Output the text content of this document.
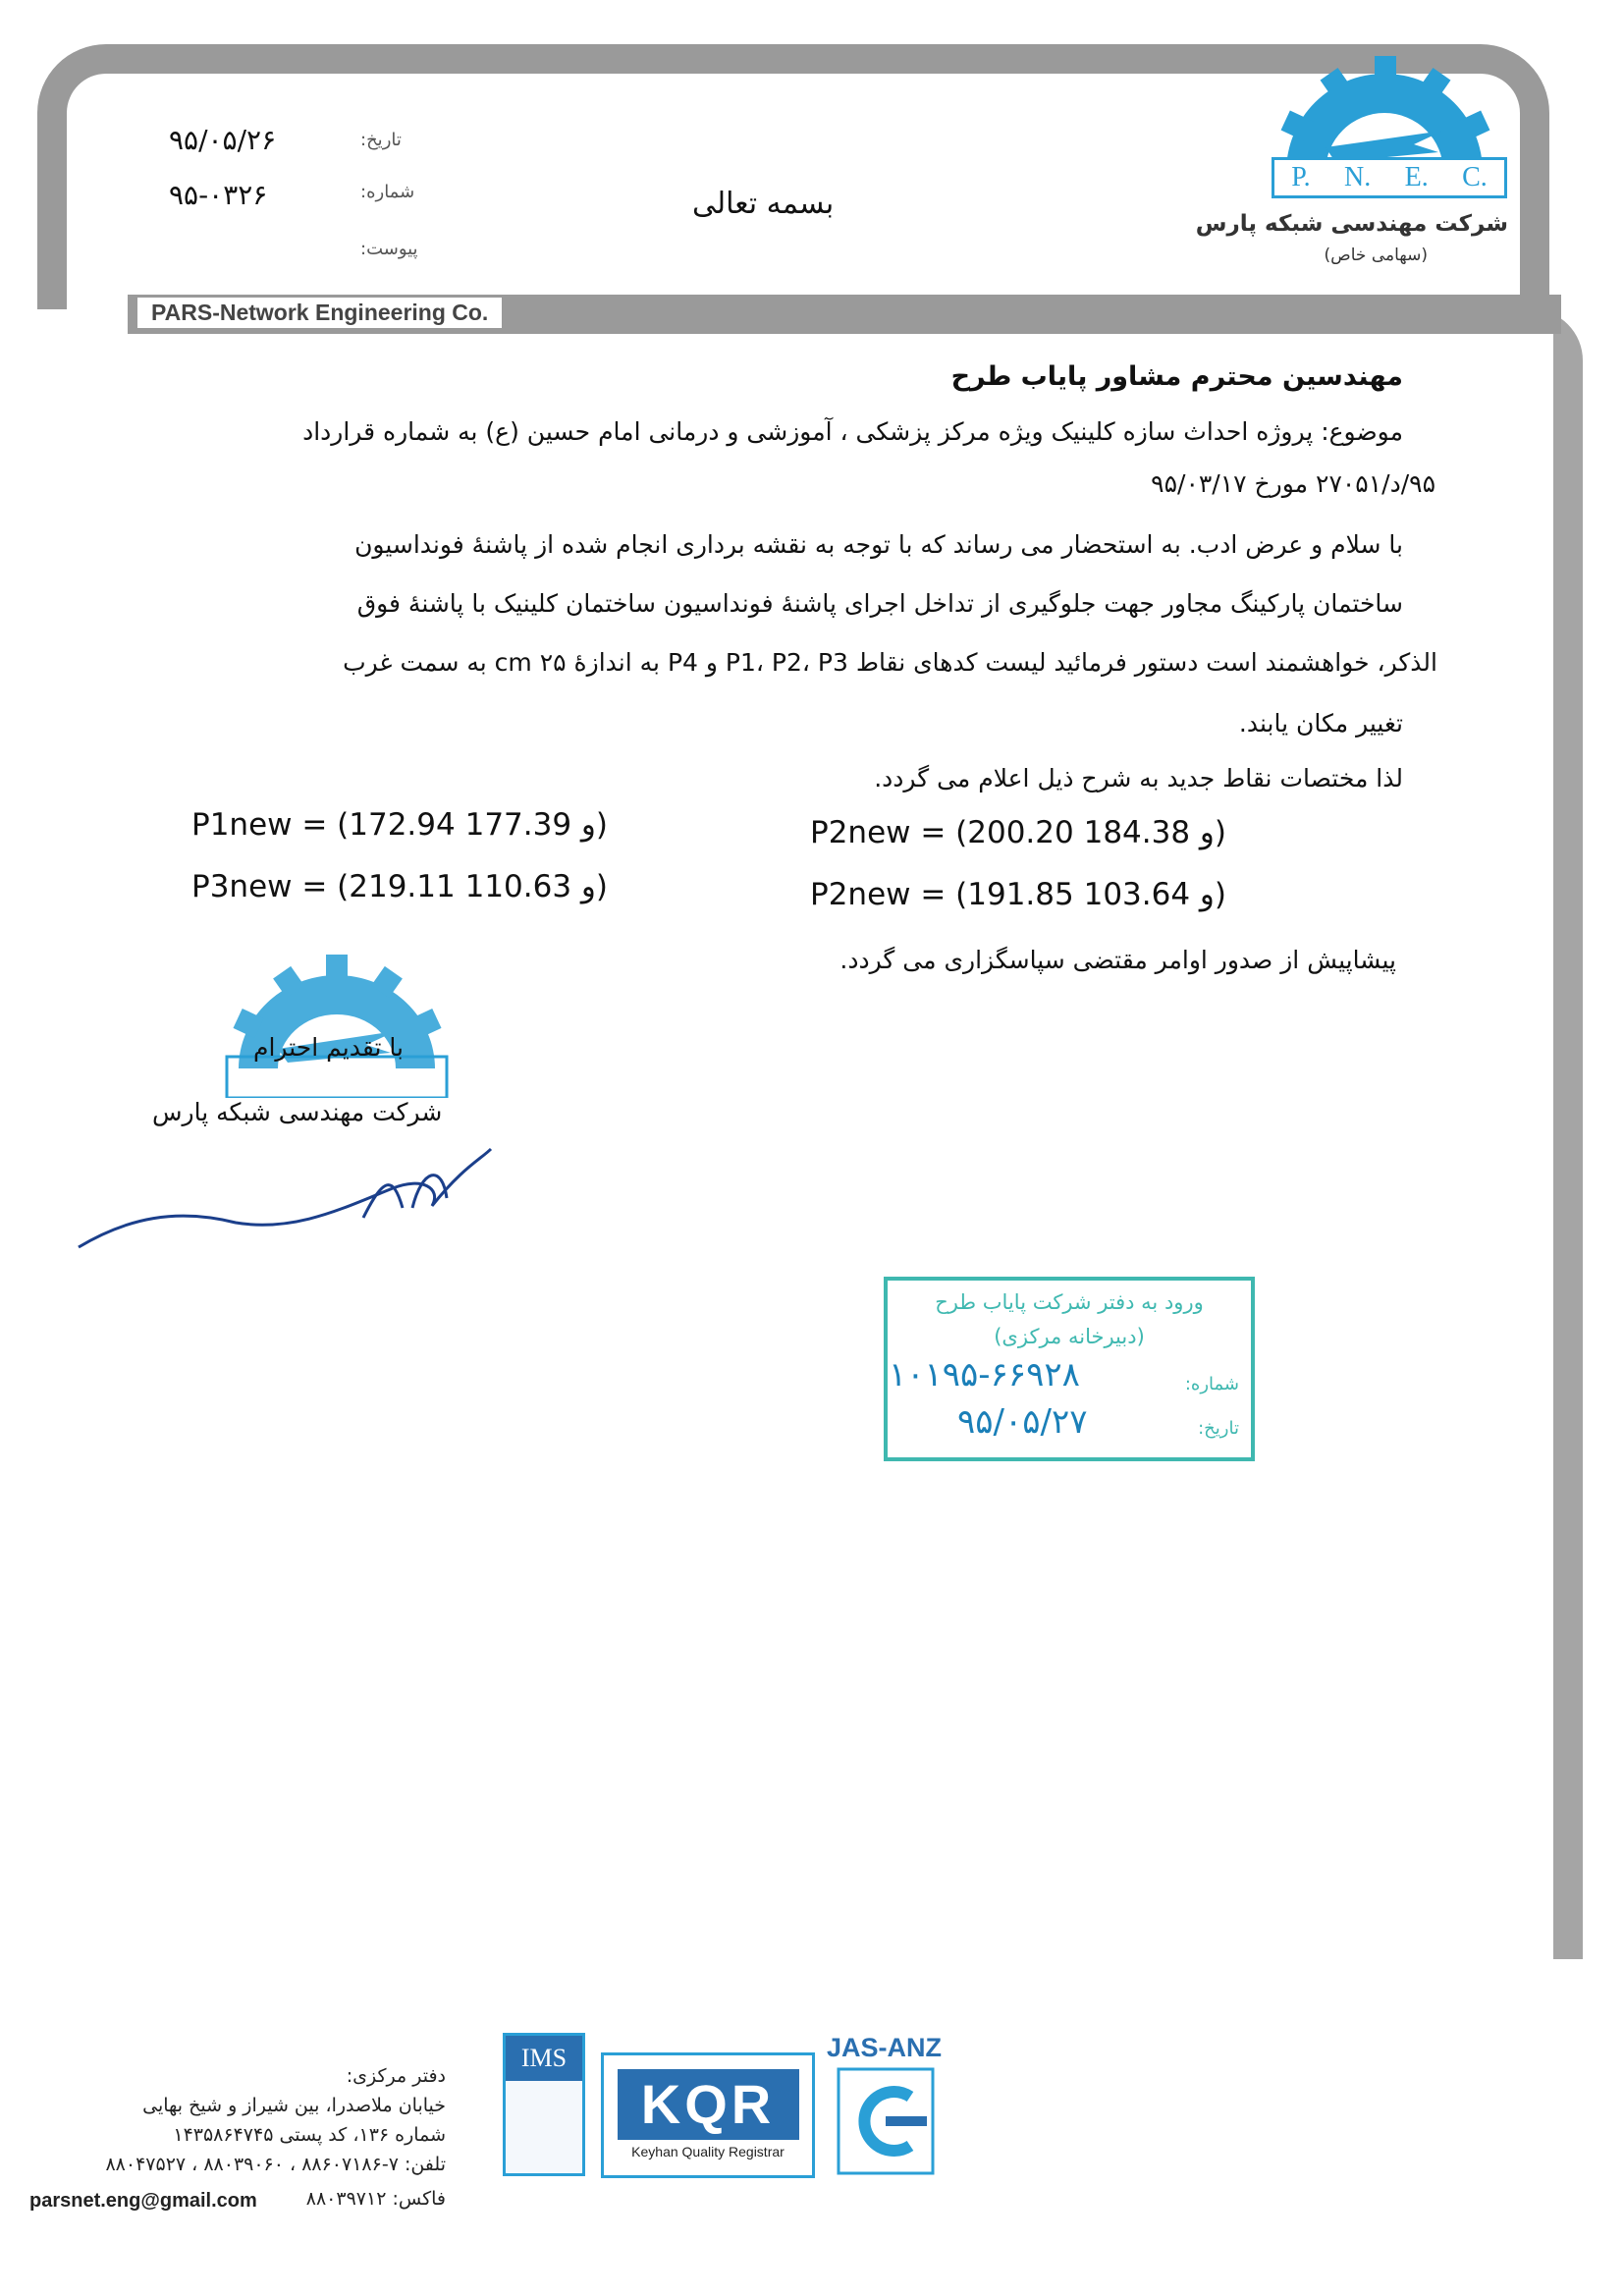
PARS-Network Engineering Co.
P. N. E. C.
شرکت مهندسی شبکه پارس
(سهامی خاص)
تاریخ:
۹۵/۰۵/۲۶
شماره:
۹۵-۰۳۲۶
پیوست:
بسمه تعالی
مهندسین محترم مشاور پایاب طرح
موضوع: پروژه احداث سازه کلینیک ویژه مرکز پزشکی ، آموزشی و درمانی امام حسین (ع) به شماره قرارداد
۹۵/د/۲۷۰۵۱ مورخ ۹۵/۰۳/۱۷
با سلام و عرض ادب. به استحضار می رساند که با توجه به نقشه برداری انجام شده از پاشنهٔ فونداسیون
ساختمان پارکینگ مجاور جهت جلوگیری از تداخل اجرای پاشنهٔ فونداسیون ساختمان کلینیک با پاشنهٔ فوق
الذکر، خواهشمند است دستور فرمائید لیست کدهای نقاط P1، P2، P3 و P4 به اندازهٔ ۲۵ cm به سمت غرب
تغییر مکان یابند.
لذا مختصات نقاط جدید به شرح ذیل اعلام می گردد.
P2new = (200.20 و 184.38)
P1new = (172.94 و 177.39)
P2new = (191.85 و 103.64)
P3new = (219.11 و 110.63)
پیشاپیش از صدور اوامر مقتضی سپاسگزاری می گردد.
با تقدیم احترام
شرکت مهندسی شبکه پارس
ورود به دفتر شرکت پایاب طرح
(دبیرخانه مرکزی)
شماره:
تاریخ:
۱۰۱۹۵-۶۶۹۲۸
۹۵/۰۵/۲۷
IMS
KQR
Keyhan Quality Registrar
JAS-ANZ
دفتر مرکزی:
خیابان ملاصدرا، بین شیراز و شیخ بهایی
شماره ۱۳۶، کد پستی ۱۴۳۵۸۶۴۷۴۵
تلفن: ۷-۸۸۶۰۷۱۸۶ ، ۸۸۰۳۹۰۶۰ ، ۸۸۰۴۷۵۲۷
فاکس: ۸۸۰۳۹۷۱۲
parsnet.eng@gmail.com
